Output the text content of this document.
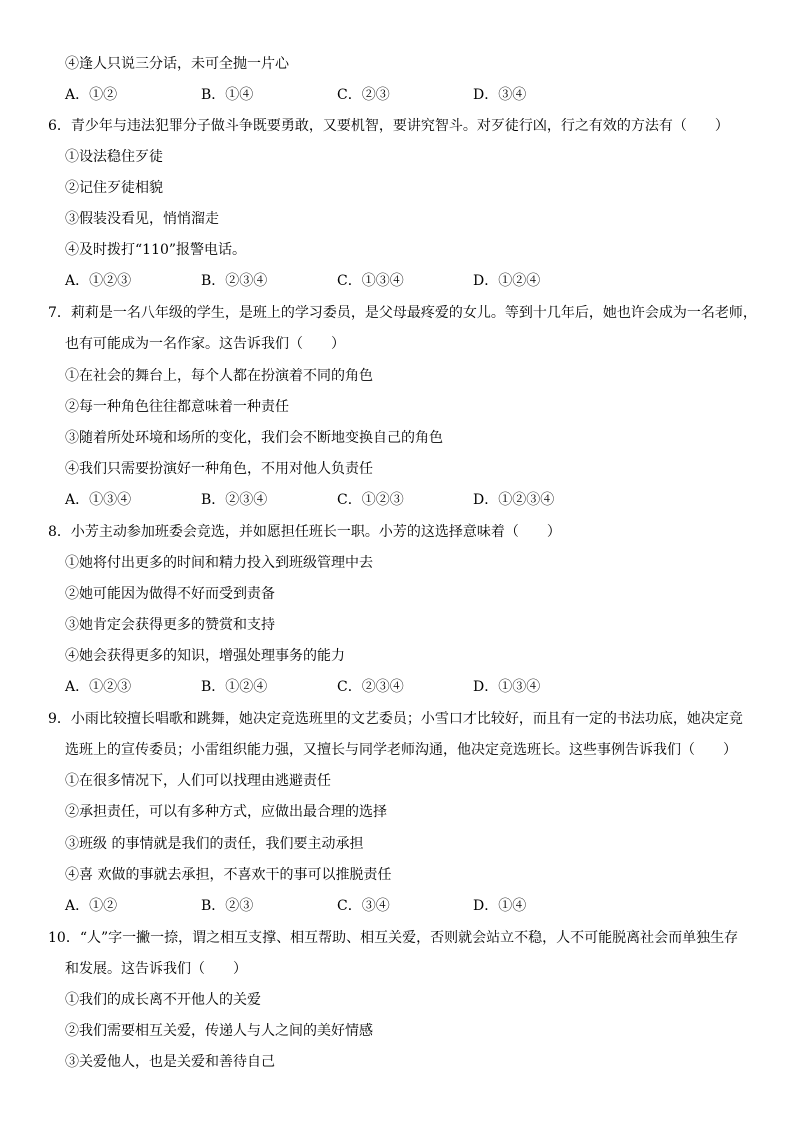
④逢人只说三分话，未可全抛一片心
A．①②	B．①④	C．②③	D．③④
6．青少年与违法犯罪分子做斗争既要勇敢，又要机智，要讲究智斗。对歹徒行凶，行之有效的方法有（　　）
①设法稳住歹徒
②记住歹徒相貌
③假装没看见，悄悄溜走
④及时拨打“110”报警电话。
A．①②③	B．②③④	C．①③④	D．①②④
7．莉莉是一名八年级的学生，是班上的学习委员，是父母最疼爱的女儿。等到十几年后，她也许会成为一名老师，
也有可能成为一名作家。这告诉我们（　　）
①在社会的舞台上，每个人都在扮演着不同的角色
②每一种角色往往都意味着一种责任
③随着所处环境和场所的变化，我们会不断地变换自己的角色
④我们只需要扮演好一种角色，不用对他人负责任
A．①③④	B．②③④	C．①②③	D．①②③④
8．小芳主动参加班委会竞选，并如愿担任班长一职。小芳的这选择意味着（　　）
①她将付出更多的时间和精力投入到班级管理中去
②她可能因为做得不好而受到责备
③她肯定会获得更多的赞赏和支持
④她会获得更多的知识，增强处理事务的能力
A．①②③	B．①②④	C．②③④	D．①③④
9．小雨比较擅长唱歌和跳舞，她决定竞选班里的文艺委员；小雪口才比较好，而且有一定的书法功底，她决定竞
选班上的宣传委员；小雷组织能力强，又擅长与同学老师沟通，他决定竞选班长。这些事例告诉我们（　　）
①在很多情况下，人们可以找理由逃避责任
②承担责任，可以有多种方式，应做出最合理的选择
③班级 的事情就是我们的责任，我们要主动承担
④喜 欢做的事就去承担，不喜欢干的事可以推脱责任
A．①②	B．②③	C．③④	D．①④
10．“人”字一撇一捺，谓之相互支撑、相互帮助、相互关爱，否则就会站立不稳，人不可能脱离社会而单独生存
和发展。这告诉我们（　　）
①我们的成长离不开他人的关爱
②我们需要相互关爱，传递人与人之间的美好情感
③关爱他人，也是关爱和善待自己
